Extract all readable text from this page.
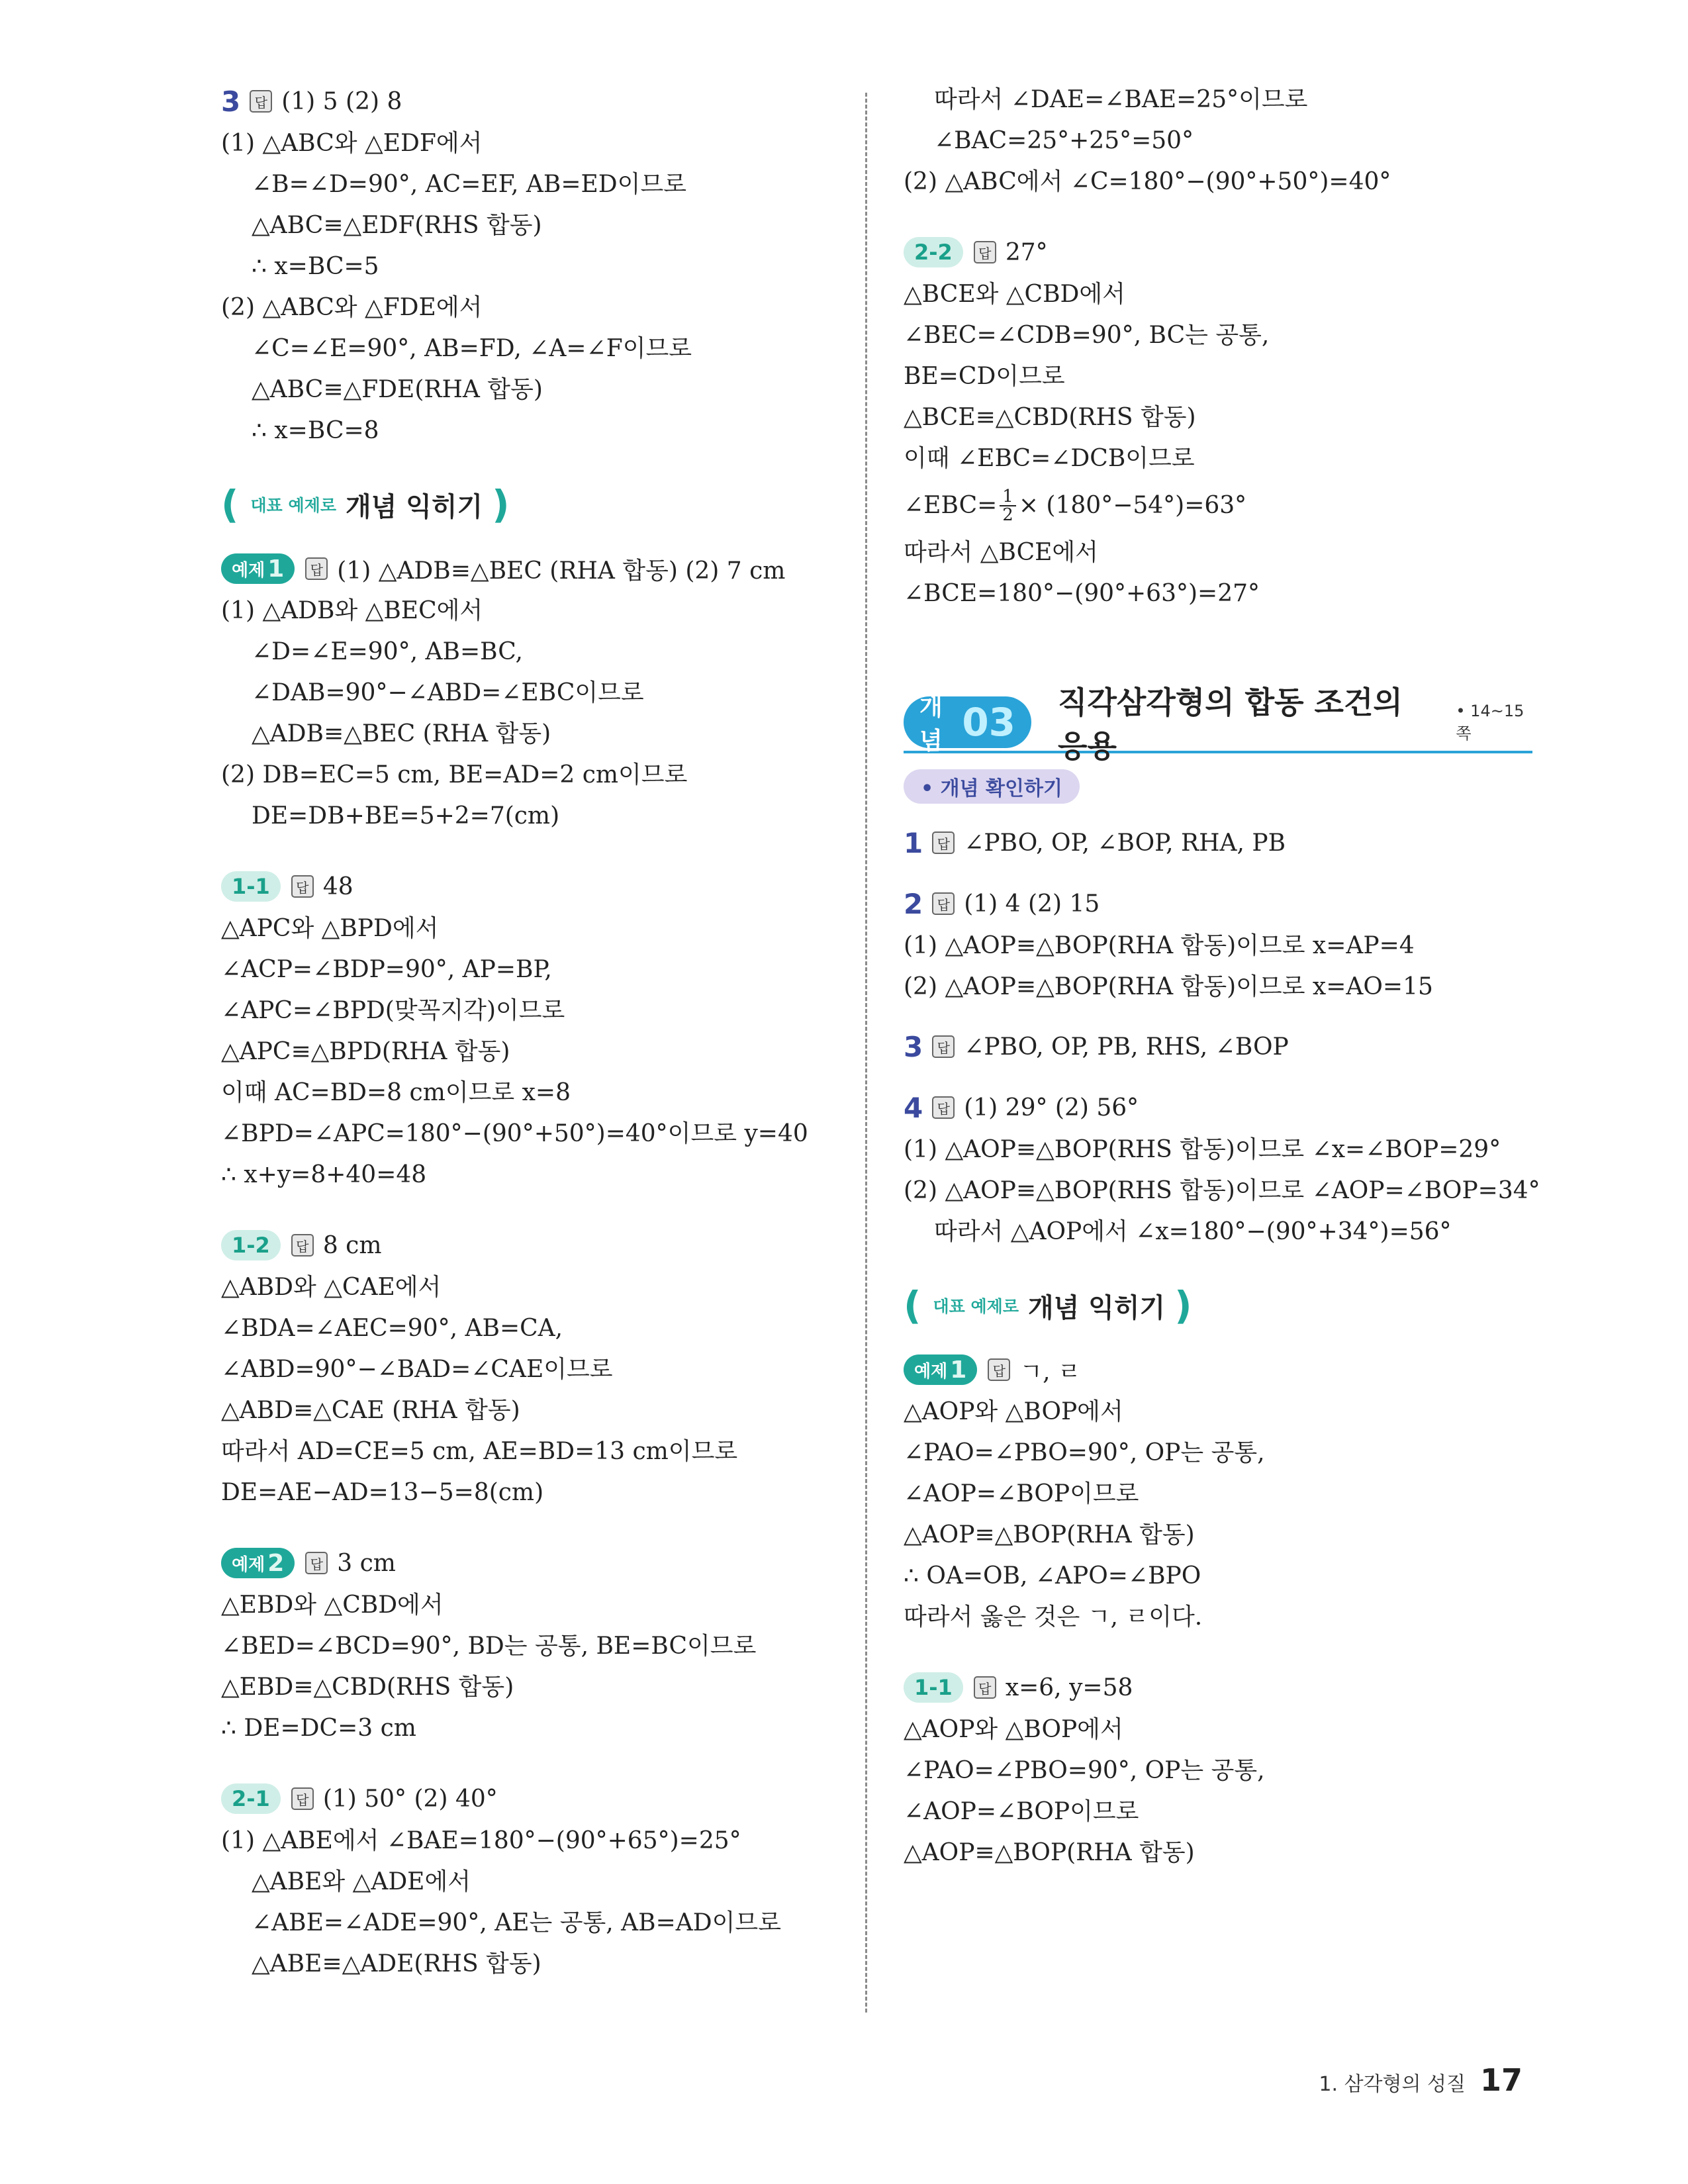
3	답 (1) 5 (2) 8
(1) △ABC와 △EDF에서
∠B=∠D=90°, AC=EF, AB=ED이므로
△ABC≡△EDF(RHS 합동)
∴ x=BC=5
(2) △ABC와 △FDE에서
∠C=∠E=90°, AB=FD, ∠A=∠F이므로
△ABC≡△FDE(RHA 합동)
∴ x=BC=8
( 대표 예제로 개념 익히기 )
예제 1	답 (1) △ADB≡△BEC (RHA 합동) (2) 7 cm
(1) △ADB와 △BEC에서
∠D=∠E=90°, AB=BC,
∠DAB=90°−∠ABD=∠EBC이므로
△ADB≡△BEC (RHA 합동)
(2) DB=EC=5 cm, BE=AD=2 cm이므로
DE=DB+BE=5+2=7(cm)
1-1	답 48
△APC와 △BPD에서
∠ACP=∠BDP=90°, AP=BP,
∠APC=∠BPD(맞꼭지각)이므로
△APC≡△BPD(RHA 합동)
이때 AC=BD=8 cm이므로 x=8
∠BPD=∠APC=180°−(90°+50°)=40°이므로 y=40
∴ x+y=8+40=48
1-2	답 8 cm
△ABD와 △CAE에서
∠BDA=∠AEC=90°, AB=CA,
∠ABD=90°−∠BAD=∠CAE이므로
△ABD≡△CAE (RHA 합동)
따라서 AD=CE=5 cm, AE=BD=13 cm이므로
DE=AE−AD=13−5=8(cm)
예제 2	답 3 cm
△EBD와 △CBD에서
∠BED=∠BCD=90°, BD는 공통, BE=BC이므로
△EBD≡△CBD(RHS 합동)
∴ DE=DC=3 cm
2-1	답 (1) 50° (2) 40°
(1) △ABE에서 ∠BAE=180°−(90°+65°)=25°
△ABE와 △ADE에서
∠ABE=∠ADE=90°, AE는 공통, AB=AD이므로
△ABE≡△ADE(RHS 합동)
따라서 ∠DAE=∠BAE=25°이므로
∠BAC=25°+25°=50°
(2) △ABC에서 ∠C=180°−(90°+50°)=40°
2-2	답 27°
△BCE와 △CBD에서
∠BEC=∠CDB=90°, BC는 공통,
BE=CD이므로
△BCE≡△CBD(RHS 합동)
이때 ∠EBC=∠DCB이므로
∠EBC= $\frac{1}{2} \times (180^\circ-54^\circ)=63^\circ$
따라서 △BCE에서
∠BCE=180°−(90°+63°)=27°
개념 03 직각삼각형의 합동 조건의 응용
• 14~15쪽
• 개념 확인하기
1	답 ∠PBO, OP, ∠BOP, RHA, PB
2	답 (1) 4 (2) 15
(1) △AOP≡△BOP(RHA 합동)이므로 x=AP=4
(2) △AOP≡△BOP(RHA 합동)이므로 x=AO=15
3	답 ∠PBO, OP, PB, RHS, ∠BOP
4	답 (1) 29° (2) 56°
(1) △AOP≡△BOP(RHS 합동)이므로 ∠x=∠BOP=29°
(2) △AOP≡△BOP(RHS 합동)이므로 ∠AOP=∠BOP=34°
따라서 △AOP에서 ∠x=180°−(90°+34°)=56°
( 대표 예제로 개념 익히기 )
예제 1	답 ㄱ, ㄹ
△AOP와 △BOP에서
∠PAO=∠PBO=90°, OP는 공통,
∠AOP=∠BOP이므로
△AOP≡△BOP(RHA 합동)
∴ OA=OB, ∠APO=∠BPO
따라서 옳은 것은 ㄱ, ㄹ이다.
1-1	답 x=6, y=58
△AOP와 △BOP에서
∠PAO=∠PBO=90°, OP는 공통,
∠AOP=∠BOP이므로
△AOP≡△BOP(RHA 합동)
1. 삼각형의 성질 17
